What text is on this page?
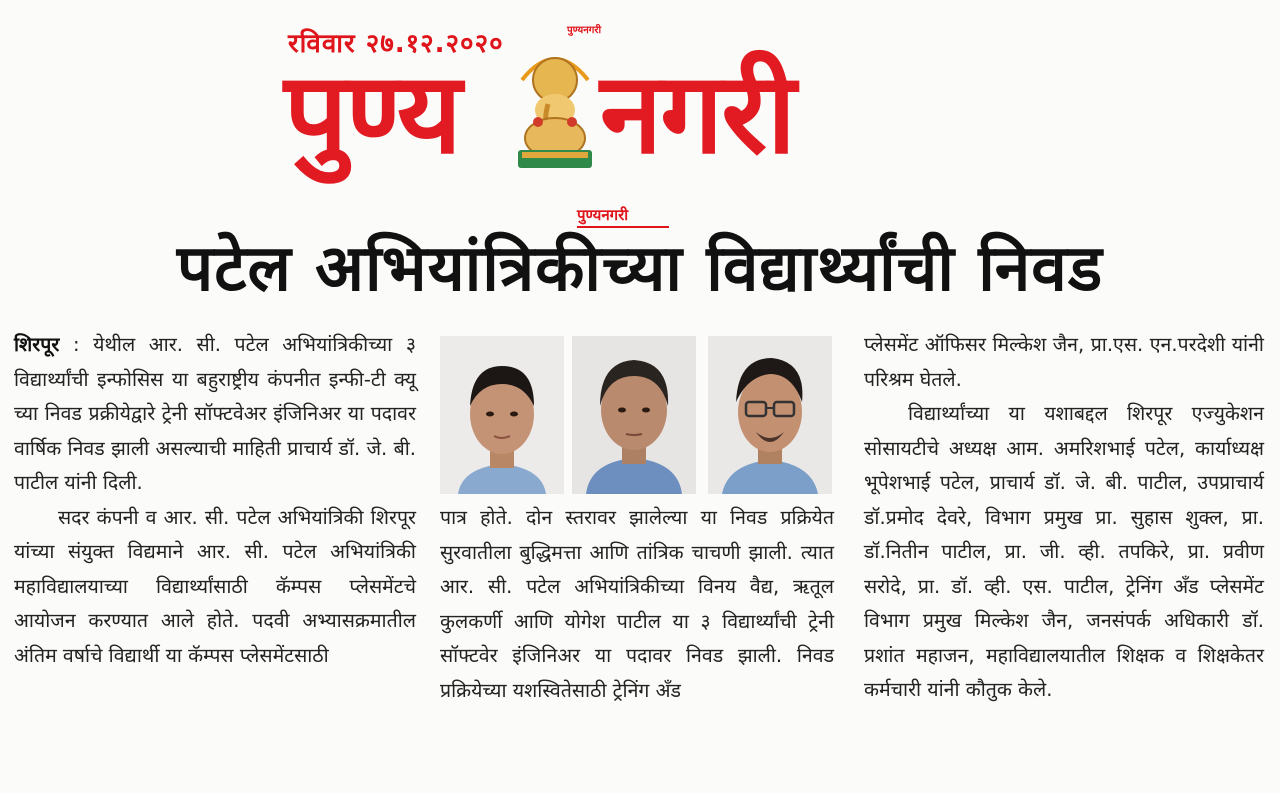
रविवार २७.१२.२०२०	पुण्यनगरी
पुण्य नगरी
पुण्यनगरी
पटेल अभियांत्रिकीच्या विद्यार्थ्यांची निवड

शिरपूर : येथील आर. सी. पटेल अभियांत्रिकीच्या ३ विद्यार्थ्यांची इन्फोसिस या बहुराष्ट्रीय कंपनीत इन्फी-टी क्यू च्या निवड प्रक्रीयेद्वारे ट्रेनी सॉफ्टवेअर इंजिनिअर या पदावर वार्षिक निवड झाली असल्याची माहिती प्राचार्य डॉ. जे. बी. पाटील यांनी दिली.

सदर कंपनी व आर. सी. पटेल अभियांत्रिकी शिरपूर यांच्या संयुक्त विद्यमाने आर. सी. पटेल अभियांत्रिकी महाविद्यालयाच्या विद्यार्थ्यांसाठी कॅम्पस प्लेसमेंटचे आयोजन करण्यात आले होते. पदवी अभ्यासक्रमातील अंतिम वर्षाचे विद्यार्थी या कॅम्पस प्लेसमेंटसाठी

पात्र होते. दोन स्तरावर झालेल्या या निवड प्रक्रियेत सुरवातीला बुद्धिमत्ता आणि तांत्रिक चाचणी झाली. त्यात आर. सी. पटेल अभियांत्रिकीच्या विनय वैद्य, ऋतूल कुलकर्णी आणि योगेश पाटील या ३ विद्यार्थ्यांची ट्रेनी सॉफ्टवेर इंजिनिअर या पदावर निवड झाली. निवड प्रक्रियेच्या यशस्वितेसाठी ट्रेनिंग अँड

प्लेसमेंट ऑफिसर मिल्केश जैन, प्रा.एस. एन.परदेशी यांनी परिश्रम घेतले.

विद्यार्थ्यांच्या या यशाबद्दल शिरपूर एज्युकेशन सोसायटीचे अध्यक्ष आम. अमरिशभाई पटेल, कार्याध्यक्ष भूपेशभाई पटेल, प्राचार्य डॉ. जे. बी. पाटील, उपप्राचार्य डॉ.प्रमोद देवरे, विभाग प्रमुख प्रा. सुहास शुक्ल, प्रा. डॉ.नितीन पाटील, प्रा. जी. व्ही. तपकिरे, प्रा. प्रवीण सरोदे, प्रा. डॉ. व्ही. एस. पाटील, ट्रेनिंग अँड प्लेसमेंट विभाग प्रमुख मिल्केश जैन, जनसंपर्क अधिकारी डॉ. प्रशांत महाजन, महाविद्यालयातील शिक्षक व शिक्षकेतर कर्मचारी यांनी कौतुक केले.
